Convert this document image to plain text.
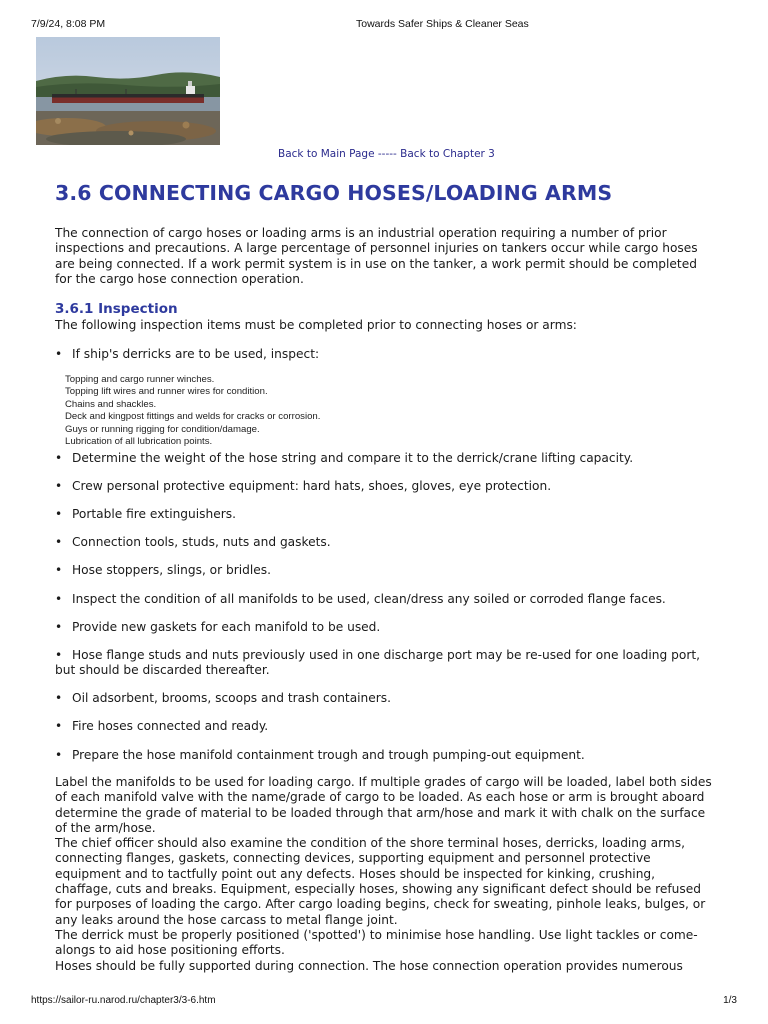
7/9/24, 8:08 PM	Towards Safer Ships & Cleaner Seas
Back to Main Page ----- Back to Chapter 3
3.6 CONNECTING CARGO HOSES/LOADING ARMS

The connection of cargo hoses or loading arms is an industrial operation requiring a number of prior inspections and precautions. A large percentage of personnel injuries on tankers occur while cargo hoses are being connected. If a work permit system is in use on the tanker, a work permit should be completed for the cargo hose connection operation.

3.6.1 Inspection

The following inspection items must be completed prior to connecting hoses or arms:

• If ship's derricks are to be used, inspect:
Topping and cargo runner winches.
Topping lift wires and runner wires for condition.
Chains and shackles.
Deck and kingpost fittings and welds for cracks or corrosion.
Guys or running rigging for condition/damage.
Lubrication of all lubrication points.
• Determine the weight of the hose string and compare it to the derrick/crane lifting capacity.
• Crew personal protective equipment: hard hats, shoes, gloves, eye protection.
• Portable fire extinguishers.
• Connection tools, studs, nuts and gaskets.
• Hose stoppers, slings, or bridles.
• Inspect the condition of all manifolds to be used, clean/dress any soiled or corroded flange faces.
• Provide new gaskets for each manifold to be used.
• Hose flange studs and nuts previously used in one discharge port may be re-used for one loading port, but should be discarded thereafter.
• Oil adsorbent, brooms, scoops and trash containers.
• Fire hoses connected and ready.
• Prepare the hose manifold containment trough and trough pumping-out equipment.

Label the manifolds to be used for loading cargo. If multiple grades of cargo will be loaded, label both sides of each manifold valve with the name/grade of cargo to be loaded. As each hose or arm is brought aboard determine the grade of material to be loaded through that arm/hose and mark it with chalk on the surface of the arm/hose.

The chief officer should also examine the condition of the shore terminal hoses, derricks, loading arms, connecting flanges, gaskets, connecting devices, supporting equipment and personnel protective equipment and to tactfully point out any defects. Hoses should be inspected for kinking, crushing, chaffage, cuts and breaks. Equipment, especially hoses, showing any significant defect should be refused for purposes of loading the cargo. After cargo loading begins, check for sweating, pinhole leaks, bulges, or any leaks around the hose carcass to metal flange joint.

The derrick must be properly positioned ('spotted') to minimise hose handling. Use light tackles or come-alongs to aid hose positioning efforts.

Hoses should be fully supported during connection. The hose connection operation provides numerous

https://sailor-ru.narod.ru/chapter3/3-6.htm	1/3
